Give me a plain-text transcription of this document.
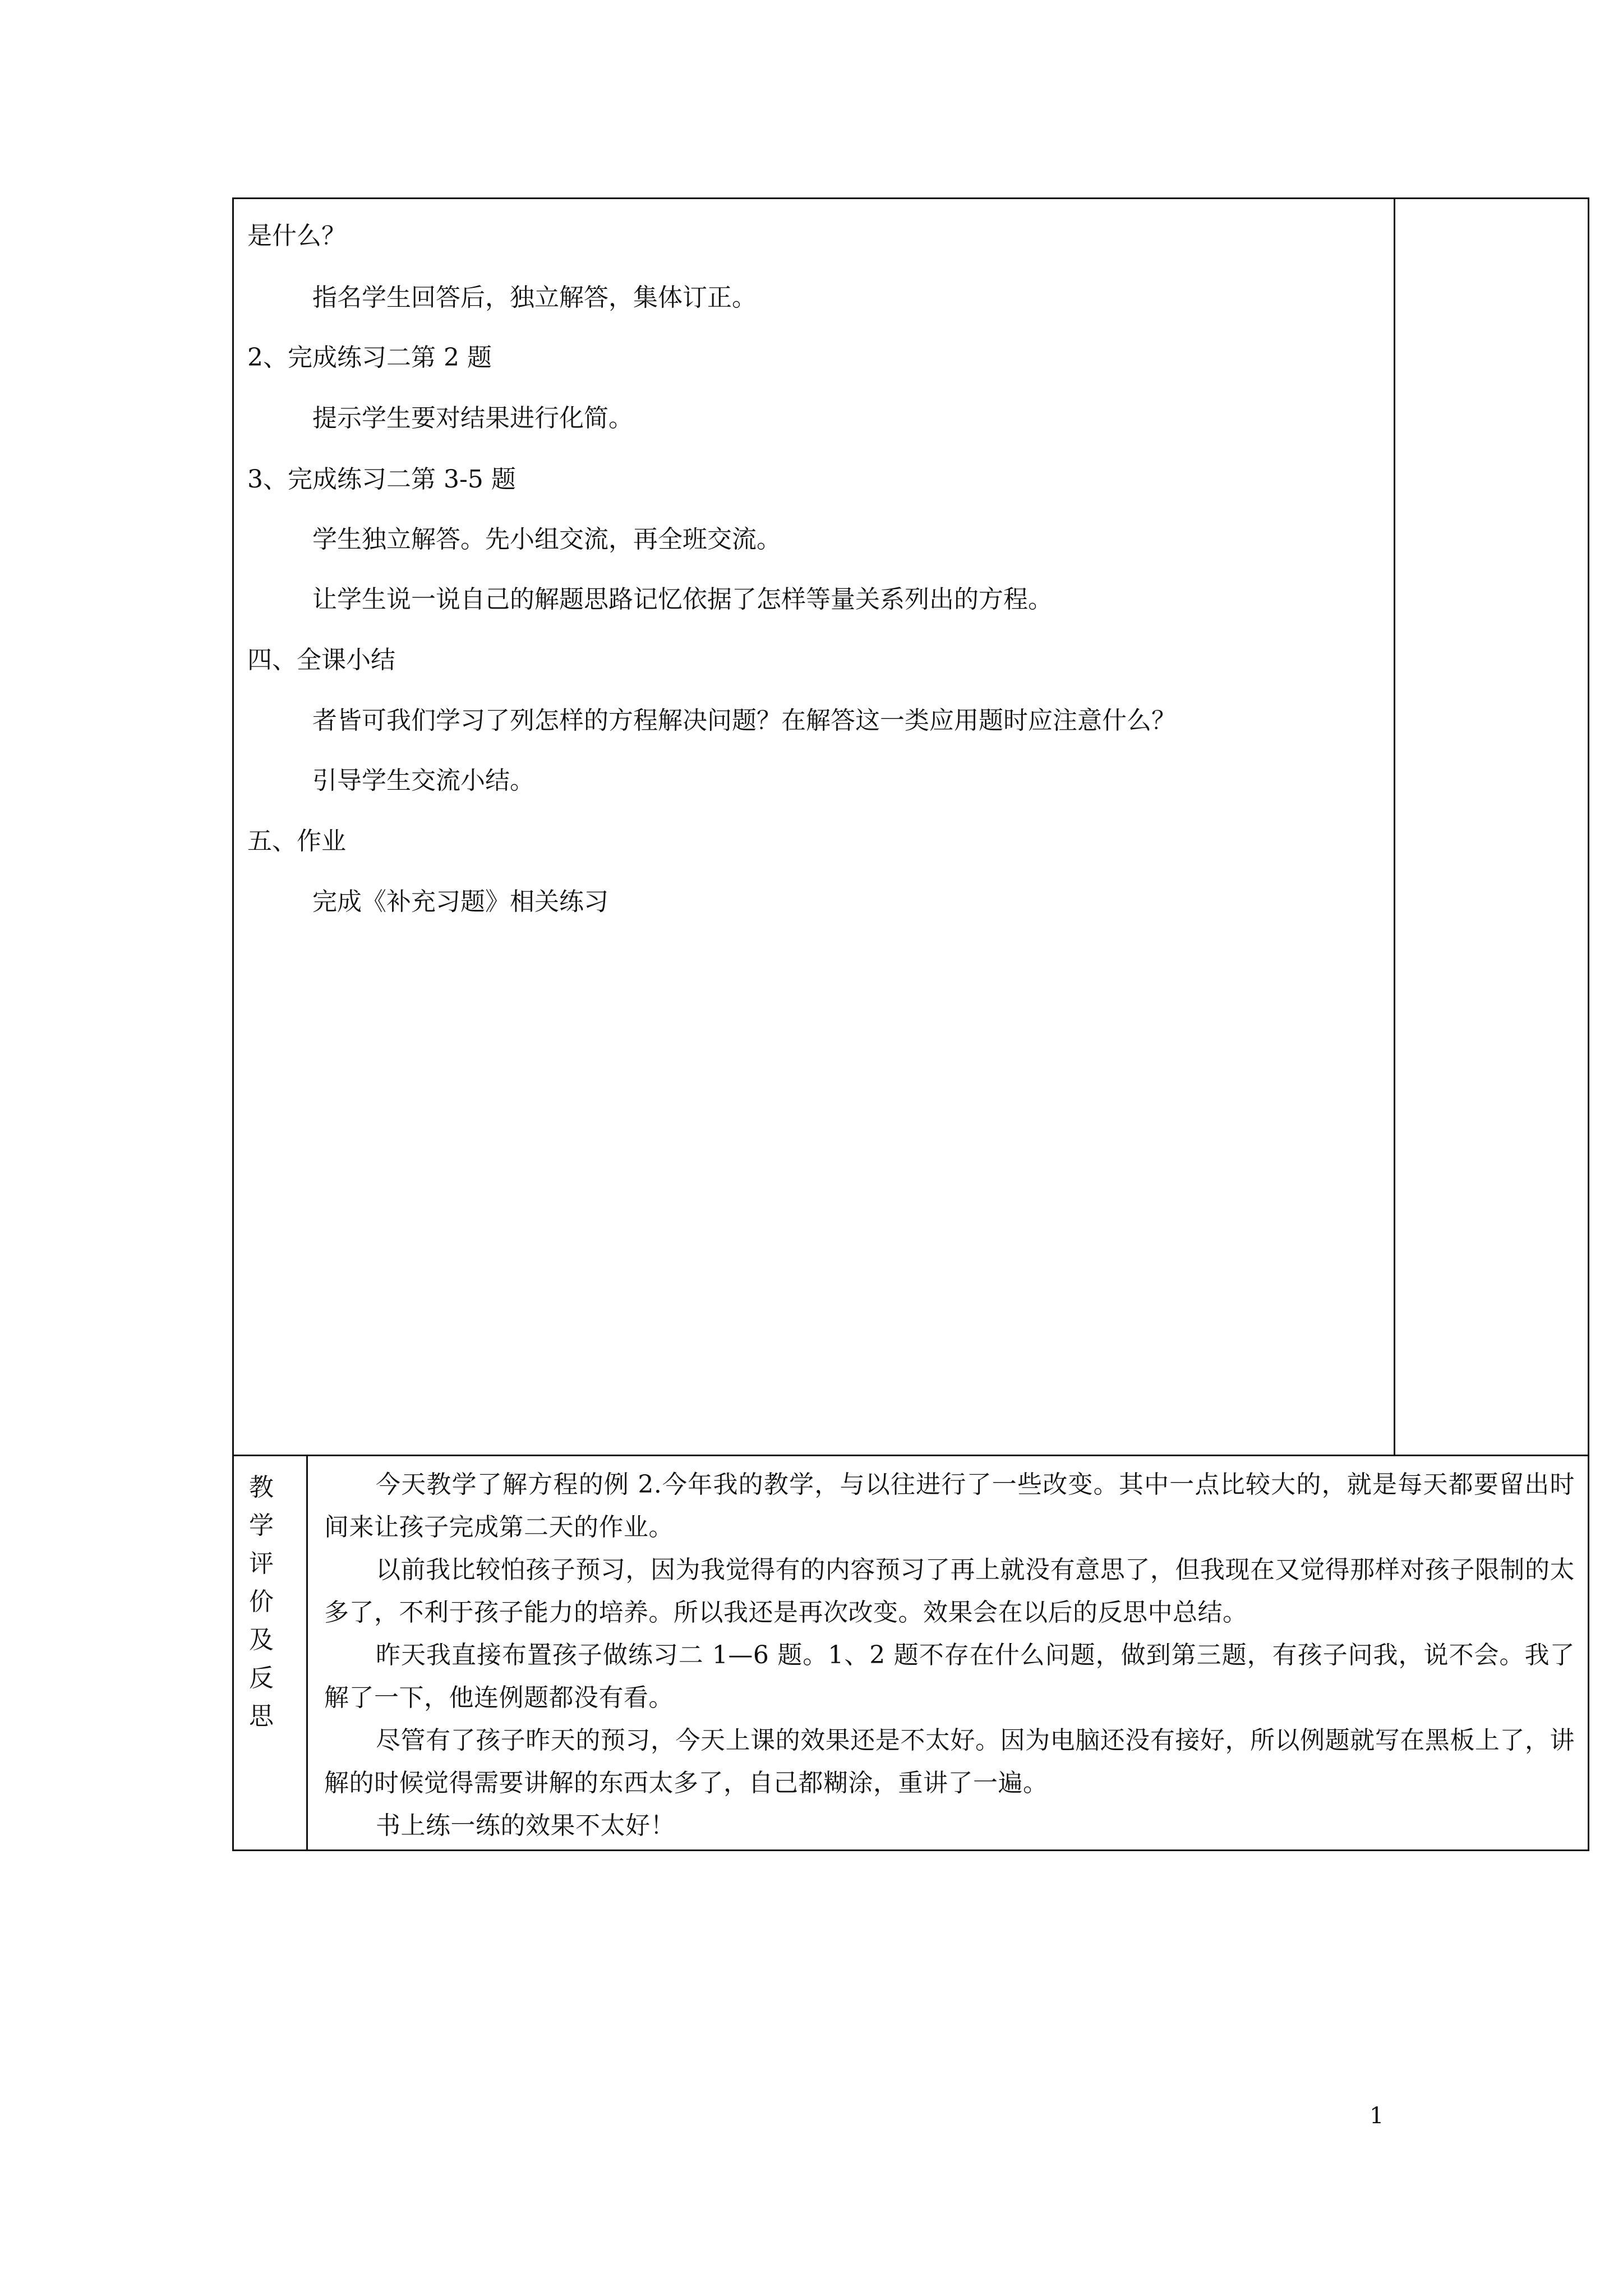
是什么？
指名学生回答后，独立解答，集体订正。
2、完成练习二第 2 题
提示学生要对结果进行化简。
3、完成练习二第 3-5 题
学生独立解答。先小组交流，再全班交流。
让学生说一说自己的解题思路记忆依据了怎样等量关系列出的方程。
四、全课小结
者皆可我们学习了列怎样的方程解决问题？在解答这一类应用题时应注意什么？
引导学生交流小结。
五、作业
完成《补充习题》相关练习
教
学
评
价
及
反
思
今天教学了解方程的例 2.今年我的教学，与以往进行了一些改变。其中一点比较大的，就是每天都要留出时间来让孩子完成第二天的作业。
以前我比较怕孩子预习，因为我觉得有的内容预习了再上就没有意思了，但我现在又觉得那样对孩子限制的太多了，不利于孩子能力的培养。所以我还是再次改变。效果会在以后的反思中总结。
昨天我直接布置孩子做练习二 1—6 题。1、2 题不存在什么问题，做到第三题，有孩子问我，说不会。我了解了一下，他连例题都没有看。
尽管有了孩子昨天的预习，今天上课的效果还是不太好。因为电脑还没有接好，所以例题就写在黑板上了，讲解的时候觉得需要讲解的东西太多了，自己都糊涂，重讲了一遍。
书上练一练的效果不太好！
1
